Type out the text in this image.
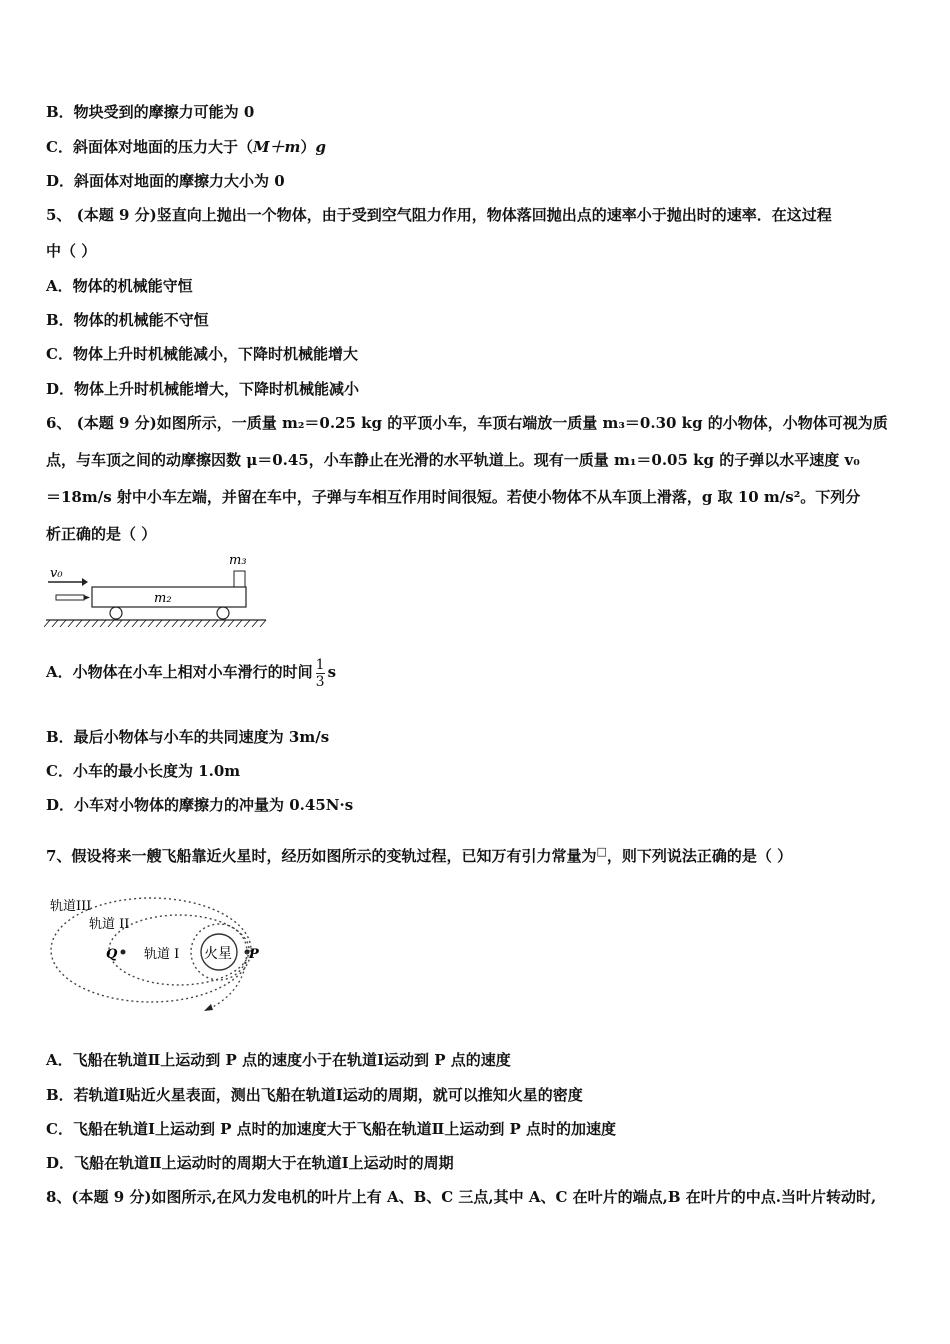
B．物块受到的摩擦力可能为 0
C．斜面体对地面的压力大于（M＋m）g
D．斜面体对地面的摩擦力大小为 0
5、 (本题 9 分)竖直向上抛出一个物体，由于受到空气阻力作用，物体落回抛出点的速率小于抛出时的速率．在这过程
中（ ）
A．物体的机械能守恒
B．物体的机械能不守恒
C．物体上升时机械能减小，下降时机械能增大
D．物体上升时机械能增大，下降时机械能减小
6、 (本题 9 分)如图所示，一质量 m₂＝0.25 kg 的平顶小车，车顶右端放一质量 m₃＝0.30 kg 的小物体，小物体可视为质
点，与车顶之间的动摩擦因数 μ＝0.45，小车静止在光滑的水平轨道上。现有一质量 m₁＝0.05 kg 的子弹以水平速度 v₀
＝18m/s 射中小车左端，并留在车中，子弹与车相互作用时间很短。若使小物体不从车顶上滑落，g 取 10 m/s²。下列分
析正确的是（ ）
v₀
m₂
m₃
A．小物体在小车上相对小车滑行的时间 $\frac{1}{3}$ s
B．最后小物体与小车的共同速度为 3m/s
C．小车的最小长度为 1.0m
D．小车对小物体的摩擦力的冲量为 0.45N·s
7、假设将来一艘飞船靠近火星时，经历如图所示的变轨过程，已知万有引力常量为□，则下列说法正确的是（ ）
火星 P
Q
轨道III
轨道 II
轨道 I
A．飞船在轨道Ⅱ上运动到 P 点的速度小于在轨道Ⅰ运动到 P 点的速度
B．若轨道Ⅰ贴近火星表面，测出飞船在轨道Ⅰ运动的周期，就可以推知火星的密度
C．飞船在轨道Ⅰ上运动到 P 点时的加速度大于飞船在轨道Ⅱ上运动到 P 点时的加速度
D．飞船在轨道Ⅱ上运动时的周期大于在轨道Ⅰ上运动时的周期
8、(本题 9 分)如图所示,在风力发电机的叶片上有 A、B、C 三点,其中 A、C 在叶片的端点,B 在叶片的中点.当叶片转动时,
